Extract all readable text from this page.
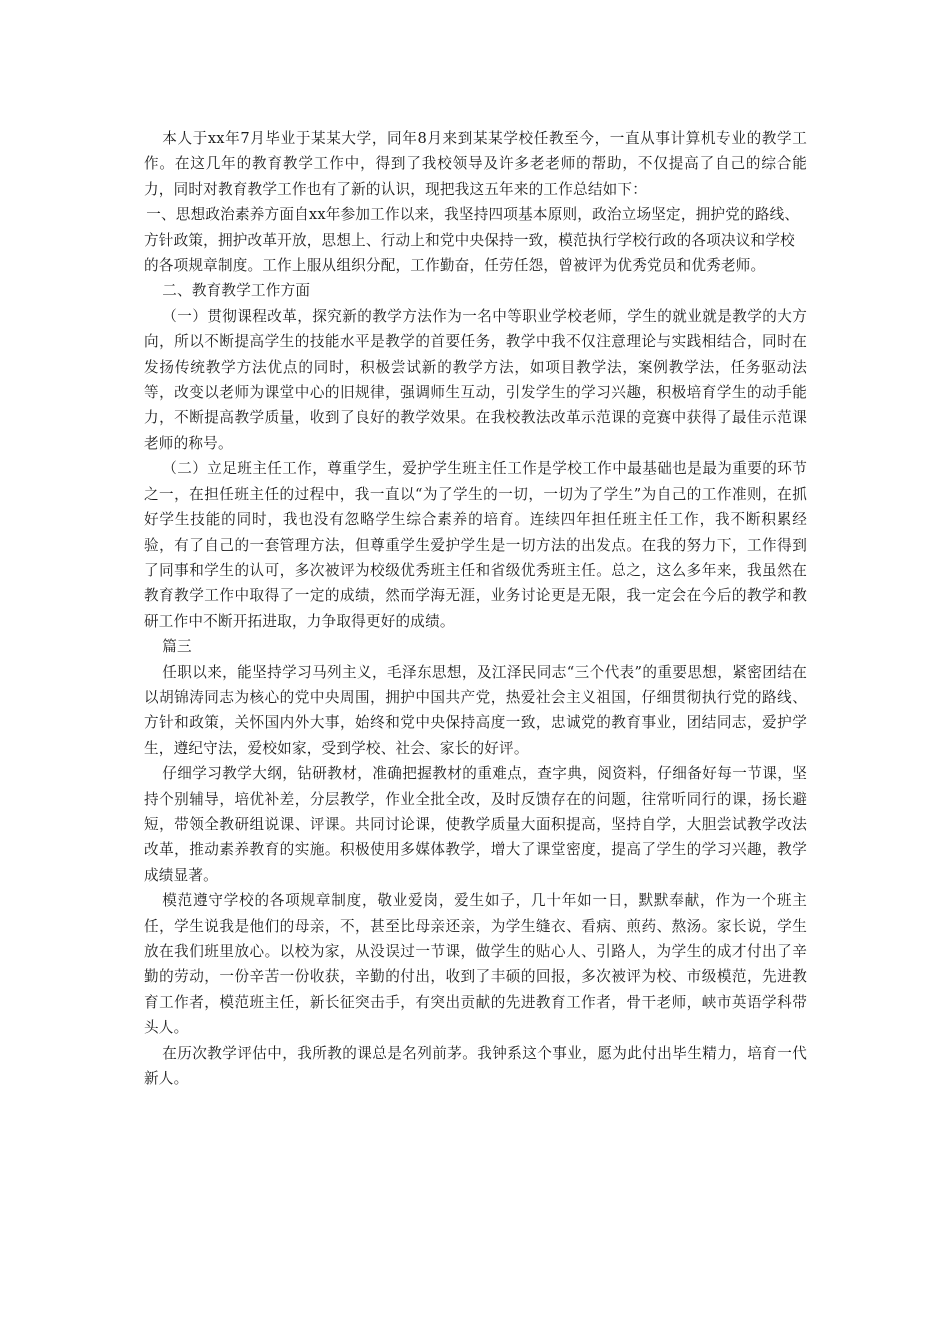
本人于xx年7月毕业于某某大学，同年8月来到某某学校任教至今，一直从事计算机专业的教学工作。在这几年的教育教学工作中，得到了我校领导及许多老老师的帮助，不仅提高了自己的综合能力，同时对教育教学工作也有了新的认识，现把我这五年来的工作总结如下：

一、思想政治素养方面自xx年参加工作以来，我坚持四项基本原则，政治立场坚定，拥护党的路线、方针政策，拥护改革开放，思想上、行动上和党中央保持一致，模范执行学校行政的各项决议和学校的各项规章制度。工作上服从组织分配，工作勤奋，任劳任怨，曾被评为优秀党员和优秀老师。

二、教育教学工作方面

（一）贯彻课程改革，探究新的教学方法作为一名中等职业学校老师，学生的就业就是教学的大方向，所以不断提高学生的技能水平是教学的首要任务，教学中我不仅注意理论与实践相结合，同时在发扬传统教学方法优点的同时，积极尝试新的教学方法，如项目教学法，案例教学法，任务驱动法等，改变以老师为课堂中心的旧规律，强调师生互动，引发学生的学习兴趣，积极培育学生的动手能力，不断提高教学质量，收到了良好的教学效果。在我校教法改革示范课的竞赛中获得了最佳示范课老师的称号。

（二）立足班主任工作，尊重学生，爱护学生班主任工作是学校工作中最基础也是最为重要的环节之一，在担任班主任的过程中，我一直以“为了学生的一切，一切为了学生”为自己的工作准则，在抓好学生技能的同时，我也没有忽略学生综合素养的培育。连续四年担任班主任工作，我不断积累经验，有了自己的一套管理方法，但尊重学生爱护学生是一切方法的出发点。在我的努力下，工作得到了同事和学生的认可，多次被评为校级优秀班主任和省级优秀班主任。总之，这么多年来，我虽然在教育教学工作中取得了一定的成绩，然而学海无涯，业务讨论更是无限，我一定会在今后的教学和教研工作中不断开拓进取，力争取得更好的成绩。

篇三

任职以来，能坚持学习马列主义，毛泽东思想，及江泽民同志“三个代表”的重要思想，紧密团结在以胡锦涛同志为核心的党中央周围，拥护中国共产党，热爱社会主义祖国，仔细贯彻执行党的路线、方针和政策，关怀国内外大事，始终和党中央保持高度一致，忠诚党的教育事业，团结同志，爱护学生，遵纪守法，爱校如家，受到学校、社会、家长的好评。

仔细学习教学大纲，钻研教材，准确把握教材的重难点，查字典，阅资料，仔细备好每一节课，坚持个别辅导，培优补差，分层教学，作业全批全改，及时反馈存在的问题，往常听同行的课，扬长避短，带领全教研组说课、评课。共同讨论课，使教学质量大面积提高，坚持自学，大胆尝试教学改法改革，推动素养教育的实施。积极使用多媒体教学，增大了课堂密度，提高了学生的学习兴趣，教学成绩显著。

模范遵守学校的各项规章制度，敬业爱岗，爱生如子，几十年如一日，默默奉献，作为一个班主任，学生说我是他们的母亲，不，甚至比母亲还亲，为学生缝衣、看病、煎药、熬汤。家长说，学生放在我们班里放心。以校为家，从没误过一节课，做学生的贴心人、引路人，为学生的成才付出了辛勤的劳动，一份辛苦一份收获，辛勤的付出，收到了丰硕的回报，多次被评为校、市级模范，先进教育工作者，模范班主任，新长征突击手，有突出贡献的先进教育工作者，骨干老师，峡市英语学科带头人。

在历次教学评估中，我所教的课总是名列前茅。我钟系这个事业，愿为此付出毕生精力，培育一代新人。
